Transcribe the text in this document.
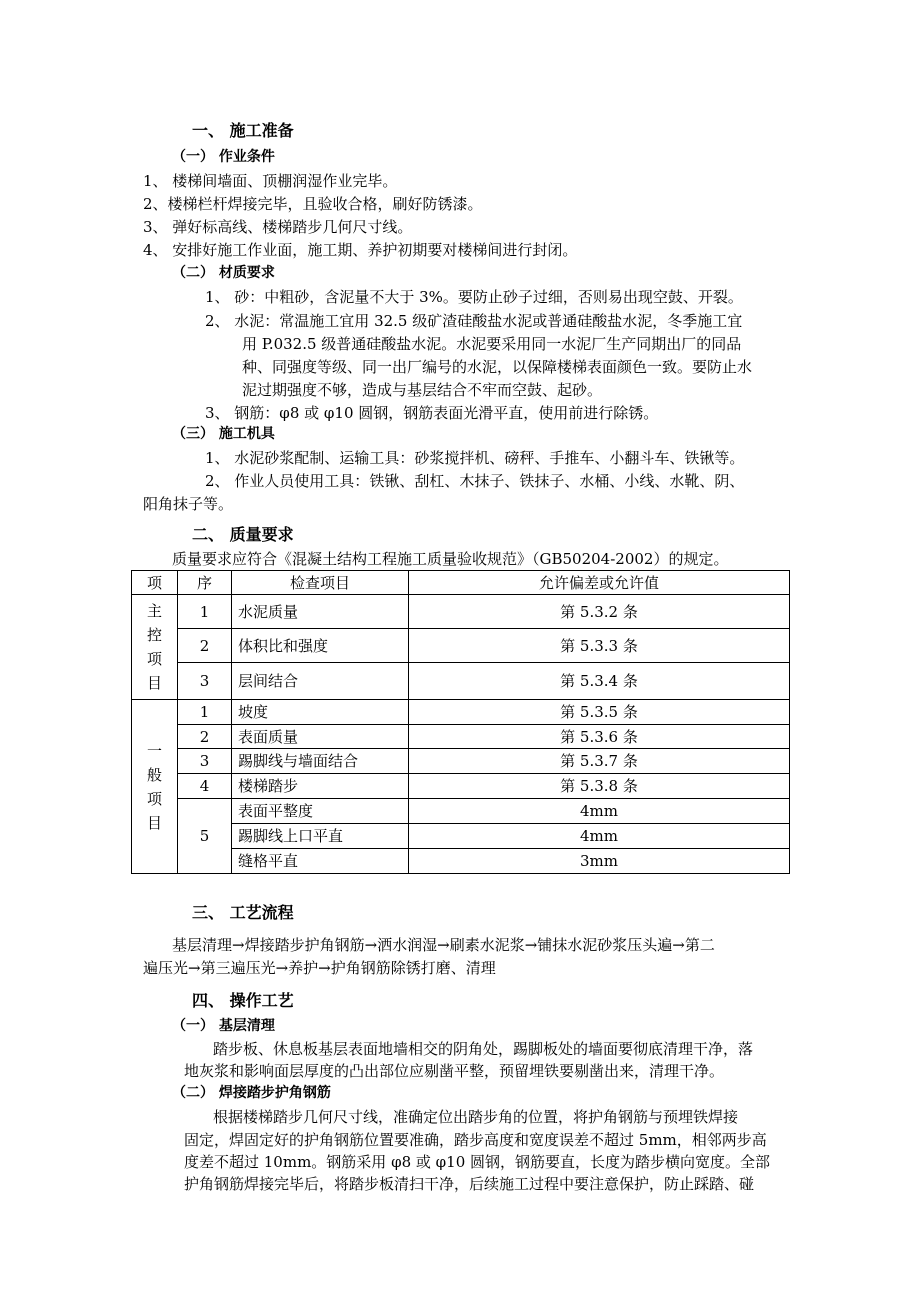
一、 施工准备
（一） 作业条件
1、 楼梯间墙面、顶棚润湿作业完毕。
2、楼梯栏杆焊接完毕，且验收合格，刷好防锈漆。
3、 弹好标高线、楼梯踏步几何尺寸线。
4、 安排好施工作业面，施工期、养护初期要对楼梯间进行封闭。
（二） 材质要求
1、 砂：中粗砂，含泥量不大于 3%。要防止砂子过细，否则易出现空鼓、开裂。
2、 水泥：常温施工宜用 32.5 级矿渣硅酸盐水泥或普通硅酸盐水泥，冬季施工宜
用 P.032.5 级普通硅酸盐水泥。水泥要采用同一水泥厂生产同期出厂的同品
种、同强度等级、同一出厂编号的水泥，以保障楼梯表面颜色一致。要防止水
泥过期强度不够，造成与基层结合不牢而空鼓、起砂。
3、 钢筋：φ8 或 φ10 圆钢，钢筋表面光滑平直，使用前进行除锈。
（三） 施工机具
1、 水泥砂浆配制、运输工具：砂浆搅拌机、磅秤、手推车、小翻斗车、铁锹等。
2、 作业人员使用工具：铁锹、刮杠、木抹子、铁抹子、水桶、小线、水靴、阴、
阳角抹子等。
二、 质量要求
质量要求应符合《混凝土结构工程施工质量验收规范》（GB50204-2002）的规定。
项	序	检查项目	允许偏差或允许值

主
控
项
目	1	水泥质量	第 5.3.2 条
	2	体积比和强度	第 5.3.3 条
	3	层间结合	第 5.3.4 条

一
般
项
目	1	坡度	第 5.3.5 条
	2	表面质量	第 5.3.6 条
	3	踢脚线与墙面结合	第 5.3.7 条
	4	楼梯踏步	第 5.3.8 条
	5	表面平整度	4mm
		踢脚线上口平直	4mm
		缝格平直	3mm
三、 工艺流程
基层清理→焊接踏步护角钢筋→洒水润湿→刷素水泥浆→铺抹水泥砂浆压头遍→第二
遍压光→第三遍压光→养护→护角钢筋除锈打磨、清理
四、 操作工艺
（一） 基层清理
踏步板、休息板基层表面地墙相交的阴角处，踢脚板处的墙面要彻底清理干净，落
地灰浆和影响面层厚度的凸出部位应剔凿平整，预留埋铁要剔凿出来，清理干净。
（二） 焊接踏步护角钢筋
根据楼梯踏步几何尺寸线，准确定位出踏步角的位置，将护角钢筋与预埋铁焊接
固定，焊固定好的护角钢筋位置要准确，踏步高度和宽度误差不超过 5mm，相邻两步高
度差不超过 10mm。钢筋采用 φ8 或 φ10 圆钢，钢筋要直，长度为踏步横向宽度。全部
护角钢筋焊接完毕后，将踏步板清扫干净，后续施工过程中要注意保护，防止踩踏、碰
